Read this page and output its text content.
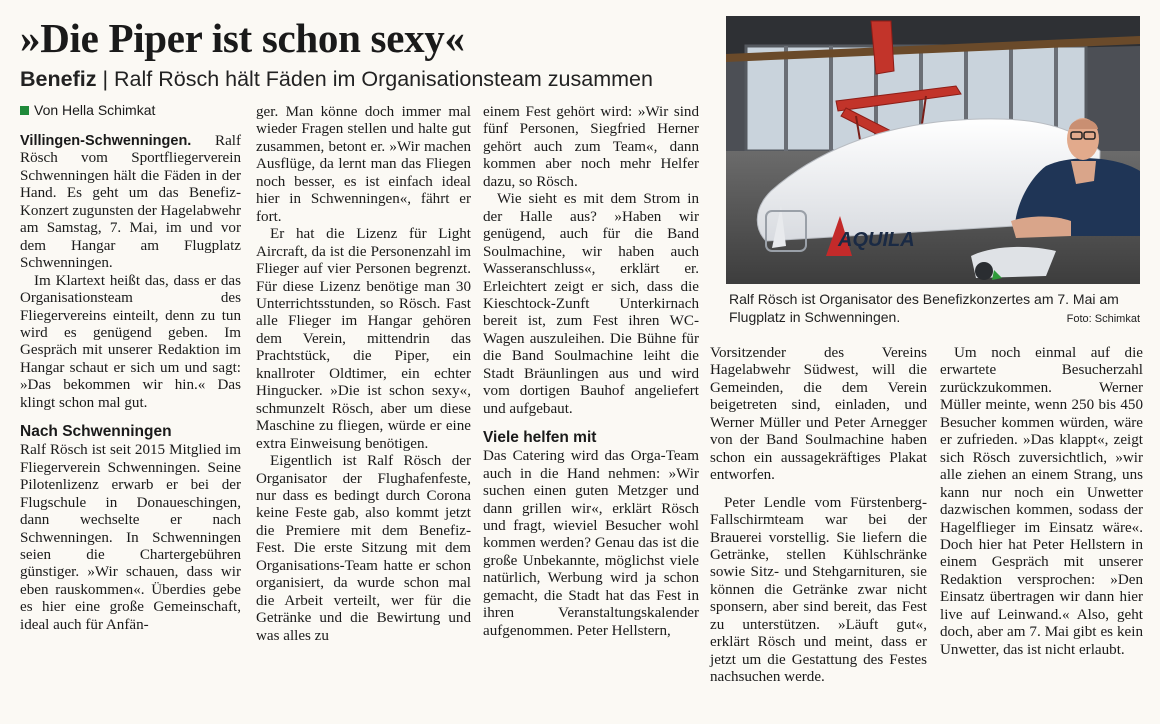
»Die Piper ist schon sexy«

Benefiz | Ralf Rösch hält Fäden im Organisationsteam zusammen

Von Hella Schimkat

Villingen-Schwenningen. Ralf Rösch vom Sportfliegerverein Schwenningen hält die Fäden in der Hand. Es geht um das Benefiz-Konzert zugunsten der Hagelabwehr am Samstag, 7. Mai, im und vor dem Hangar am Flugplatz Schwenningen.

Im Klartext heißt das, dass er das Organisationsteam des Fliegervereins einteilt, denn zu tun wird es genügend geben. Im Gespräch mit unserer Redaktion im Hangar schaut er sich um und sagt: »Das bekommen wir hin.« Das klingt schon mal gut.

Nach Schwenningen

Ralf Rösch ist seit 2015 Mitglied im Fliegerverein Schwenningen. Seine Pilotenlizenz erwarb er bei der Flugschule in Donaueschingen, dann wechselte er nach Schwenningen. In Schwenningen seien die Chartergebühren günstiger. »Wir schauen, dass wir eben rauskommen«. Überdies gebe es hier eine große Gemeinschaft, ideal auch für Anfän-

ger. Man könne doch immer mal wieder Fragen stellen und halte gut zusammen, betont er. »Wir machen Ausflüge, da lernt man das Fliegen noch besser, es ist einfach ideal hier in Schwenningen«, fährt er fort.

Er hat die Lizenz für Light Aircraft, da ist die Personenzahl im Flieger auf vier Personen begrenzt. Für diese Lizenz benötige man 30 Unterrichtsstunden, so Rösch. Fast alle Flieger im Hangar gehören dem Verein, mittendrin das Prachtstück, die Piper, ein knallroter Oldtimer, ein echter Hingucker. »Die ist schon sexy«, schmunzelt Rösch, aber um diese Maschine zu fliegen, würde er eine extra Einweisung benötigen.

Eigentlich ist Ralf Rösch der Organisator der Flughafenfeste, nur dass es bedingt durch Corona keine Feste gab, also kommt jetzt die Premiere mit dem Benefiz-Fest. Die erste Sitzung mit dem Organisations-Team hatte er schon organisiert, da wurde schon mal die Arbeit verteilt, wer für die Getränke und die Bewirtung und was alles zu

einem Fest gehört wird: »Wir sind fünf Personen, Siegfried Herner gehört auch zum Team«, dann kommen aber noch mehr Helfer dazu, so Rösch.

Wie sieht es mit dem Strom in der Halle aus? »Haben wir genügend, auch für die Band Soulmachine, wir haben auch Wasseranschluss«, erklärt er. Erleichtert zeigt er sich, dass die Kieschtock-Zunft Unterkirnach bereit ist, zum Fest ihren WC-Wagen auszuleihen. Die Bühne für die Band Soulmachine leiht die Stadt Bräunlingen aus und wird vom dortigen Bauhof angeliefert und aufgebaut.

Viele helfen mit

Das Catering wird das Orga-Team auch in die Hand nehmen: »Wir suchen einen guten Metzger und dann grillen wir«, erklärt Rösch und fragt, wieviel Besucher wohl kommen werden? Genau das ist die große Unbekannte, möglichst viele natürlich, Werbung wird ja schon gemacht, die Stadt hat das Fest in ihren Veranstaltungskalender aufgenommen. Peter Hellstern,

AQUILA
Ralf Rösch ist Organisator des Benefizkonzertes am 7. Mai am Flugplatz in Schwenningen.	Foto: Schimkat

Vorsitzender des Vereins Hagelabwehr Südwest, will die Gemeinden, die dem Verein beigetreten sind, einladen, und Werner Müller und Peter Arnegger von der Band Soulmachine haben schon ein aussagekräftiges Plakat entworfen.

Peter Lendle vom Fürstenberg-Fallschirmteam war bei der Brauerei vorstellig. Sie liefern die Getränke, stellen Kühlschränke sowie Sitz- und Stehgarnituren, sie können die Getränke zwar nicht sponsern, aber sind bereit, das Fest zu unterstützen. »Läuft gut«, erklärt Rösch und meint, dass er jetzt um die Gestattung des Festes nachsuchen werde.

Um noch einmal auf die erwartete Besucherzahl zurückzukommen. Werner Müller meinte, wenn 250 bis 450 Besucher kommen würden, wäre er zufrieden. »Das klappt«, zeigt sich Rösch zuversichtlich, »wir alle ziehen an einem Strang, uns kann nur noch ein Unwetter dazwischen kommen, sodass der Hagelflieger im Einsatz wäre«. Doch hier hat Peter Hellstern in einem Gespräch mit unserer Redaktion versprochen: »Den Einsatz übertragen wir dann hier live auf Leinwand.« Also, geht doch, aber am 7. Mai gibt es kein Unwetter, das ist nicht erlaubt.
